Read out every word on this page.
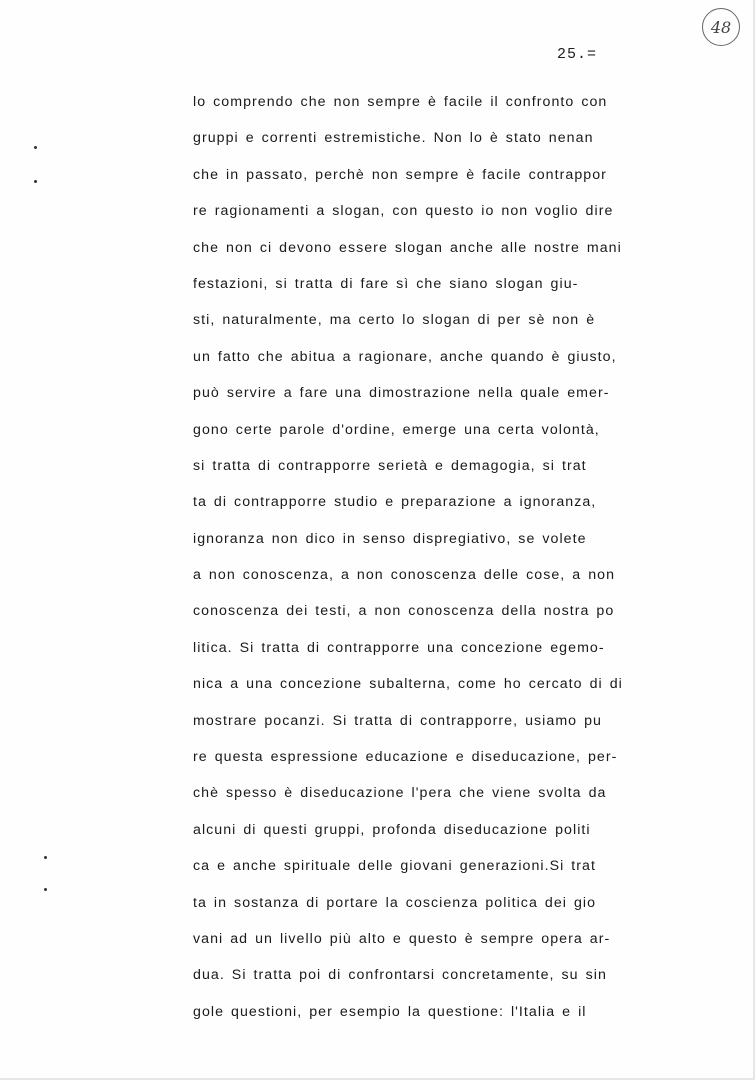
48
25.=
lo comprendo che non sempre è facile il confronto con
gruppi e correnti estremistiche. Non lo è stato nenan
che in passato, perchè non sempre è facile contrappor
re ragionamenti a slogan, con questo io non voglio dire
che non ci devono essere slogan anche alle nostre mani
festazioni, si tratta di fare sì che siano slogan giu-
sti, naturalmente, ma certo lo slogan di per sè non è
un fatto che abitua a ragionare, anche quando è giusto,
può servire a fare una dimostrazione nella quale emer-
gono certe parole d'ordine, emerge una certa volontà,
si tratta di contrapporre serietà e demagogia, si trat
ta di contrapporre studio e preparazione a ignoranza,
ignoranza non dico in senso dispregiativo, se volete
a non conoscenza, a non conoscenza delle cose, a non
conoscenza dei testi, a non conoscenza della nostra po
litica. Si tratta di contrapporre una concezione egemo-
nica a una concezione subalterna, come ho cercato di di
mostrare pocanzi. Si tratta di contrapporre, usiamo pu
re questa espressione educazione e diseducazione, per-
chè spesso è diseducazione l'pera che viene svolta da
alcuni di questi gruppi, profonda diseducazione politi
ca e anche spirituale delle giovani generazioni.Si trat
ta in sostanza di portare la coscienza politica dei gio
vani ad un livello più alto e questo è sempre opera ar-
dua. Si tratta poi di confrontarsi concretamente, su sin
gole questioni, per esempio la questione: l'Italia e il
